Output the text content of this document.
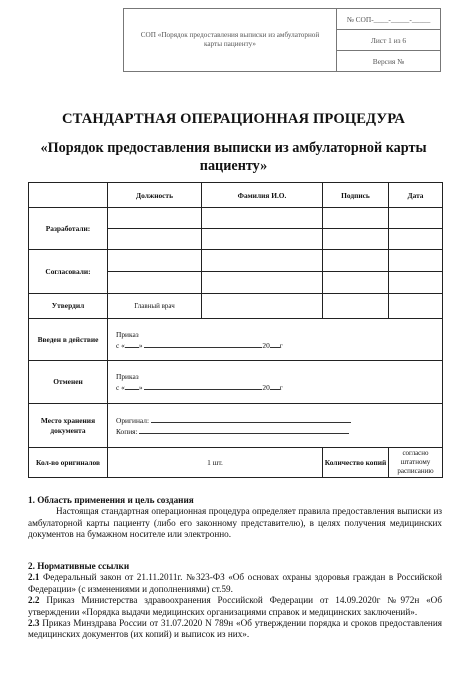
СОП «Порядок предоставления выписки из амбулаторной карты пациенту»
№ СОП-____-_____-_____
Лист 1 из 6
Версия №
СТАНДАРТНАЯ ОПЕРАЦИОННАЯ ПРОЦЕДУРА
«Порядок предоставления выписки из амбулаторной карты пациенту»
	Должность	Фамилия И.О.	Подпись	Дата
Разработали:				

Согласовали:				

Утвердил	Главный врач			
Введен в действие	Приказ
с « » 20 г			

Отменен	Приказ
с « » 20 г			

Место хранения документа	Оригинал:
Копия:			

Кол-во оригиналов	1 шт.		Количество копий	согласно штатному расписанию
1. Область применения и цель создания
Настоящая стандартная операционная процедура определяет правила предоставления выписки из амбулаторной карты пациенту (либо его законному представителю), в целях получения медицинских документов на бумажном носителе или электронно.
2. Нормативные ссылки
2.1 Федеральный закон от 21.11.2011г. №323-ФЗ «Об основах охраны здоровья граждан в Российской Федерации» (с изменениями и дополнениями) ст.59.
2.2 Приказ Министерства здравоохранения Российской Федерации от 14.09.2020г №972н «Об утверждении «Порядка выдачи медицинских организациями справок и медицинских заключений».
2.3 Приказ Минздрава России от 31.07.2020 N 789н «Об утверждении порядка и сроков предоставления медицинских документов (их копий) и выписок из них».
